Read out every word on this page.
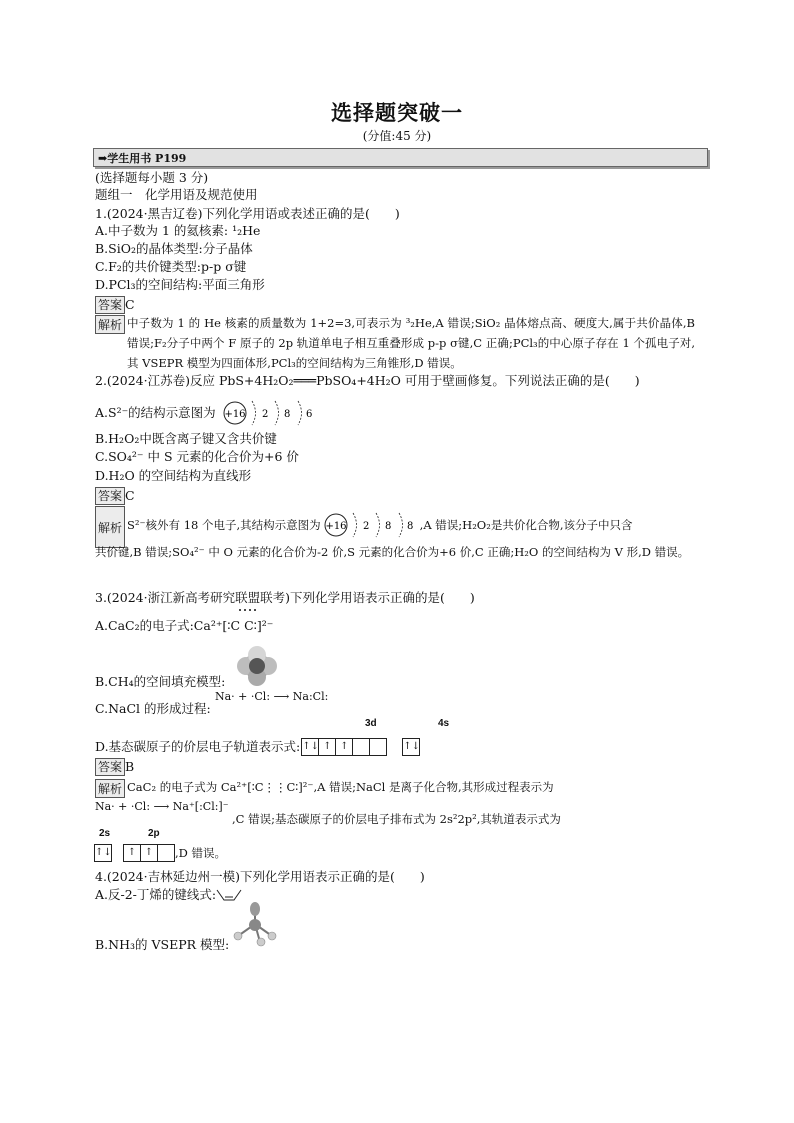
选择题突破一
(分值:45 分)
➡学生用书 P199
(选择题每小题 3 分)
题组一　化学用语及规范使用
1.(2024·黑吉辽卷)下列化学用语或表述正确的是(　　)
A.中子数为 1 的氦核素: ¹₂He
B.SiO₂的晶体类型:分子晶体
C.F₂的共价键类型:p-p σ键
D.PCl₃的空间结构:平面三角形
答案 C
解析 中子数为 1 的 He 核素的质量数为 1+2=3,可表示为 ³₂He,A 错误;SiO₂ 晶体熔点高、硬度大,属于共价晶体,B 错误;F₂分子中两个 F 原子的 2p 轨道单电子相互重叠形成 p-p σ键,C 正确;PCl₃的中心原子存在 1 个孤电子对,其 VSEPR 模型为四面体形,PCl₃的空间结构为三角锥形,D 错误。
2.(2024·江苏卷)反应 PbS+4H₂O₂═══PbSO₄+4H₂O 可用于壁画修复。下列说法正确的是(　　)
A.S²⁻的结构示意图为 +16 2 8 6
B.H₂O₂中既含离子键又含共价键
C.SO₄²⁻ 中 S 元素的化合价为+6 价
D.H₂O 的空间结构为直线形
答案 C
解析 S²⁻核外有 18 个电子,其结构示意图为 +16 2 8 8 ,A 错误;H₂O₂是共价化合物,该分子中只含
共价键,B 错误;SO₄²⁻ 中 O 元素的化合价为-2 价,S 元素的化合价为+6 价,C 正确;H₂O 的空间结构为 V 形,D 错误。
3.(2024·浙江新高考研究联盟联考)下列化学用语表示正确的是(　　)
A.CaC₂的电子式:Ca²⁺[∶C C∶]²⁻
B.CH₄的空间填充模型:
C.NaCl 的形成过程:
Na· + ·Cl: ⟶ Na:Cl:
3d	4s
D.基态碳原子的价层电子轨道表示式: ↑↓ ↑ ↑	↑↓
答案 B
解析 CaC₂ 的电子式为 Ca²⁺[∶C⋮⋮C∶]²⁻,A 错误;NaCl 是离子化合物,其形成过程表示为
Na· + ·Cl: ⟶ Na⁺[:Cl:]⁻
,C 错误;基态碳原子的价层电子排布式为 2s²2p²,其轨道表示式为
2s	2p
↑↓	↑ ↑	,D 错误。
4.(2024·吉林延边州一模)下列化学用语表示正确的是(　　)
A.反-2-丁烯的键线式:
B.NH₃的 VSEPR 模型:
